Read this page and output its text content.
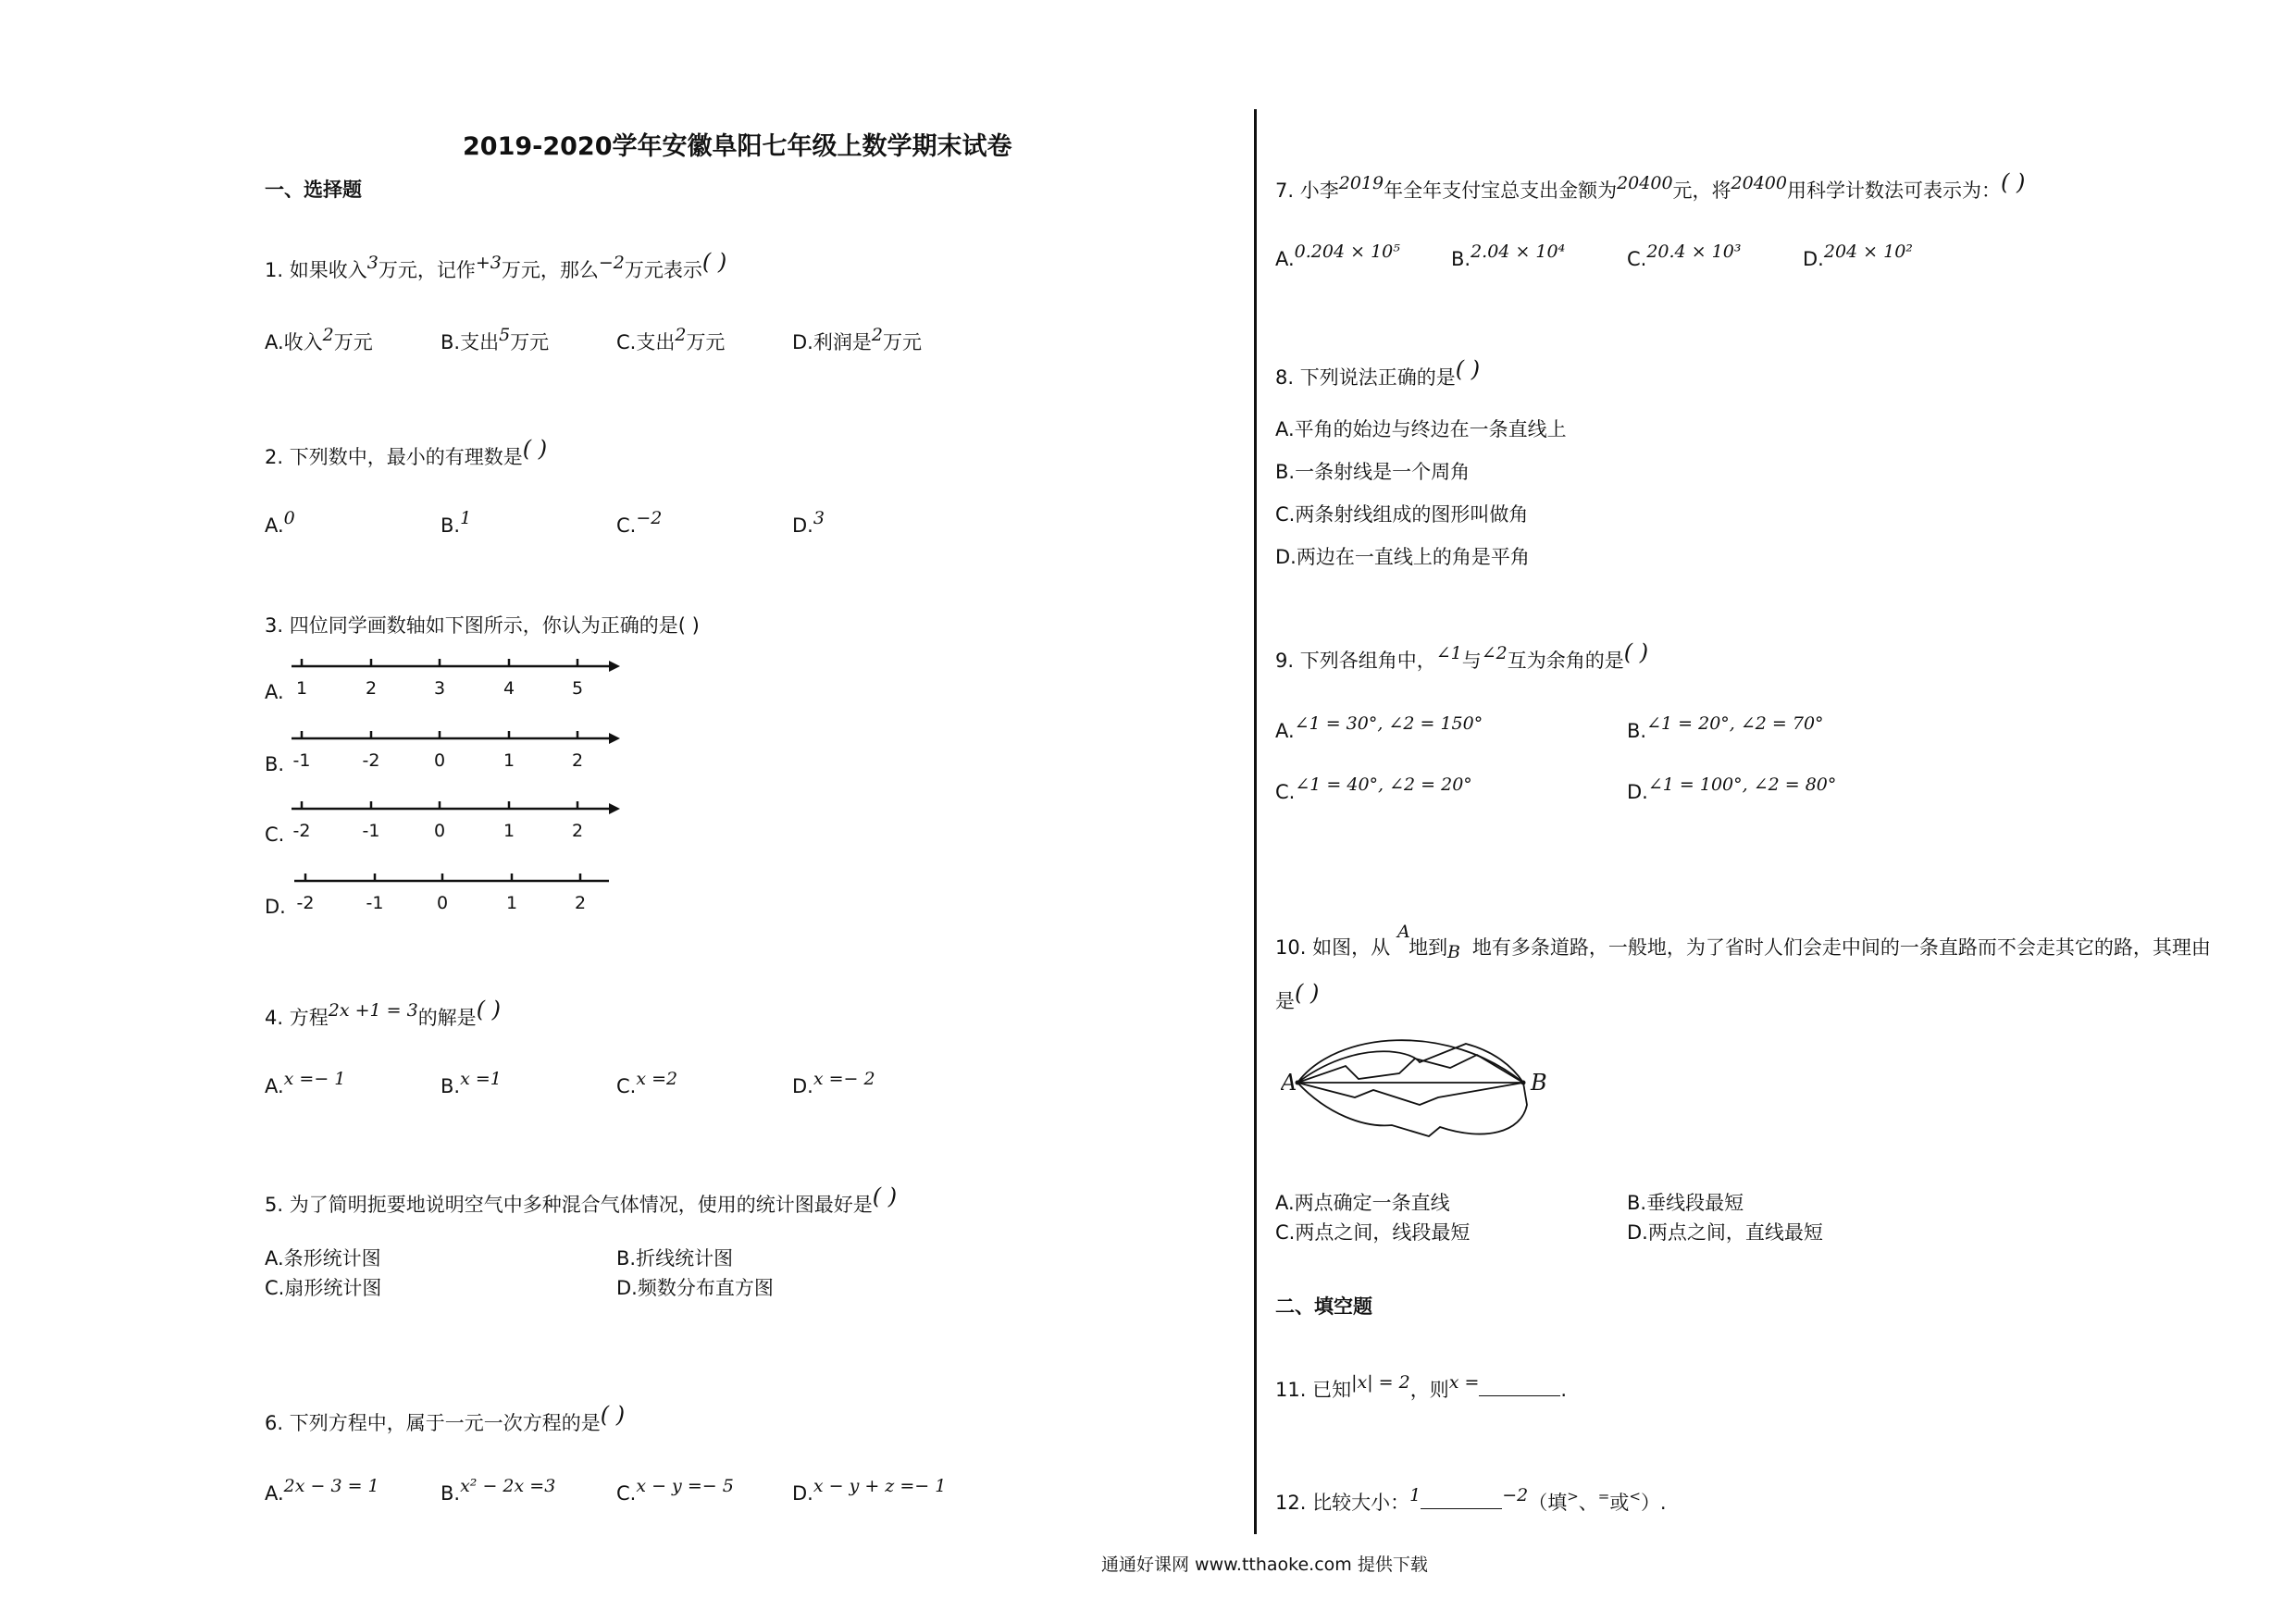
2019-2020学年安徽阜阳七年级上数学期末试卷
一、选择题
1. 如果收入3万元，记作+3万元，那么−2万元表示( )
A.收入2万元	B.支出5万元	C.支出2万元	D.利润是2万元
2. 下列数中，最小的有理数是( )
A.0	B.1	C.−2	D.3
3. 四位同学画数轴如下图所示，你认为正确的是( )
A. 1	2	3	4	5
B. -1	-2	0	1	2
C. -2	-1	0	1	2
D. -2	-1	0	1	2
4. 方程2x +1 = 3的解是( )
A.x =− 1	B.x =1	C.x =2	D.x =− 2
5. 为了简明扼要地说明空气中多种混合气体情况，使用的统计图最好是( )
A.条形统计图	B.折线统计图
C.扇形统计图	D.频数分布直方图
6. 下列方程中，属于一元一次方程的是( )
A.2x − 3 = 1	B.x² − 2x =3	C.x − y =− 5	D.x − y + z =− 1
7. 小李2019年全年支付宝总支出金额为20400元，将20400用科学计数法可表示为：( )
A.0.204 × 10⁵	B.2.04 × 10⁴	C.20.4 × 10³	D.204 × 10²
8. 下列说法正确的是( )
A.平角的始边与终边在一条直线上
B.一条射线是一个周角
C.两条射线组成的图形叫做角
D.两边在一直线上的角是平角
9. 下列各组角中，∠1与∠2互为余角的是( )
A.∠1 = 30°, ∠2 = 150°	B.∠1 = 20°, ∠2 = 70°
C.∠1 = 40°, ∠2 = 20°	D.∠1 = 100°, ∠2 = 80°
A
B
10. 如图，从 地到 地有多条道路，一般地，为了省时人们会走中间的一条直路而不会走其它的路，其理由
是( )
A	B
A.两点确定一条直线	B.垂线段最短
C.两点之间，线段最短	D.两点之间，直线最短
二、填空题
11. 已知|x| = 2，则x =	.
12. 比较大小：1	−2（填>、=或<）.
通通好课网 www.tthaoke.com 提供下载
